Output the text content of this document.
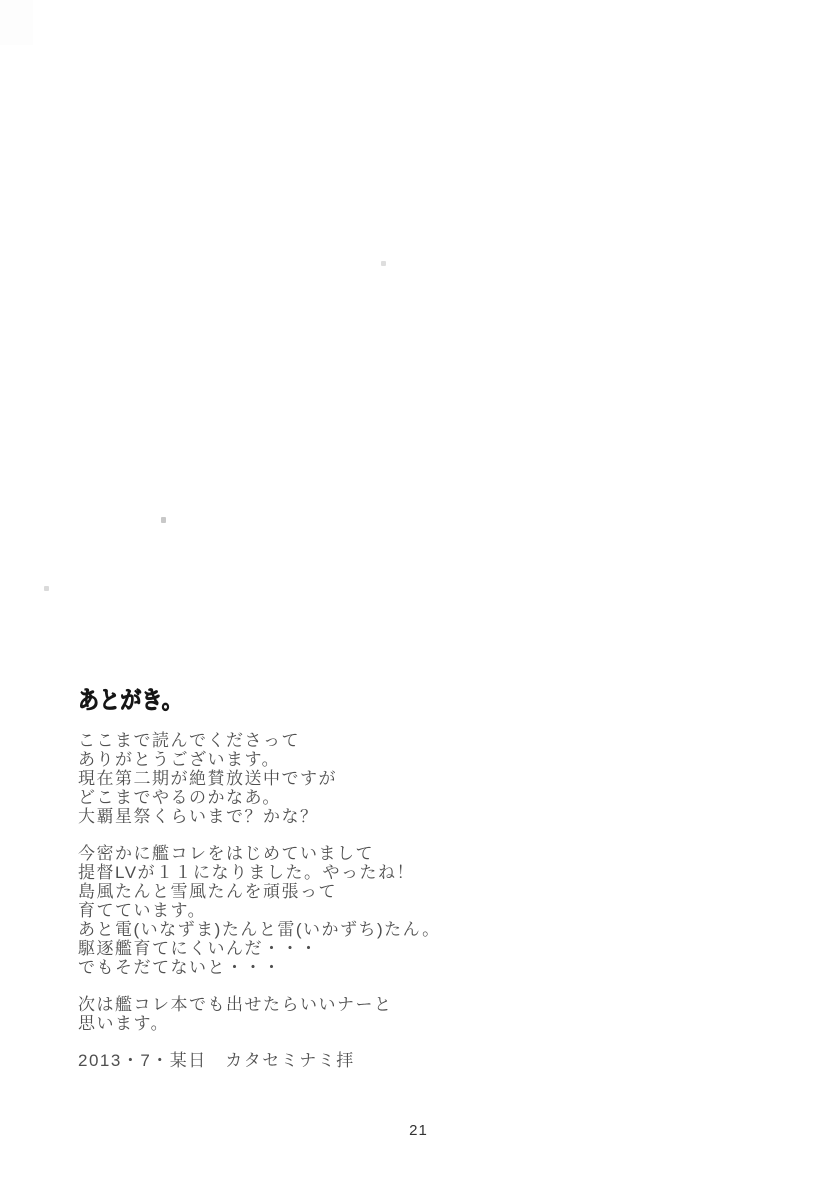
あとがき。
ここまで読んでくださって
ありがとうございます。
現在第二期が絶賛放送中ですが
どこまでやるのかなあ。
大覇星祭くらいまで？かな？
今密かに艦コレをはじめていまして
提督LVが１１になりました。やったね！
島風たんと雪風たんを頑張って
育てています。
あと電(いなずま)たんと雷(いかずち)たん。
駆逐艦育てにくいんだ・・・
でもそだてないと・・・
次は艦コレ本でも出せたらいいナーと
思います。
2013・7・某日　カタセミナミ拝
21
